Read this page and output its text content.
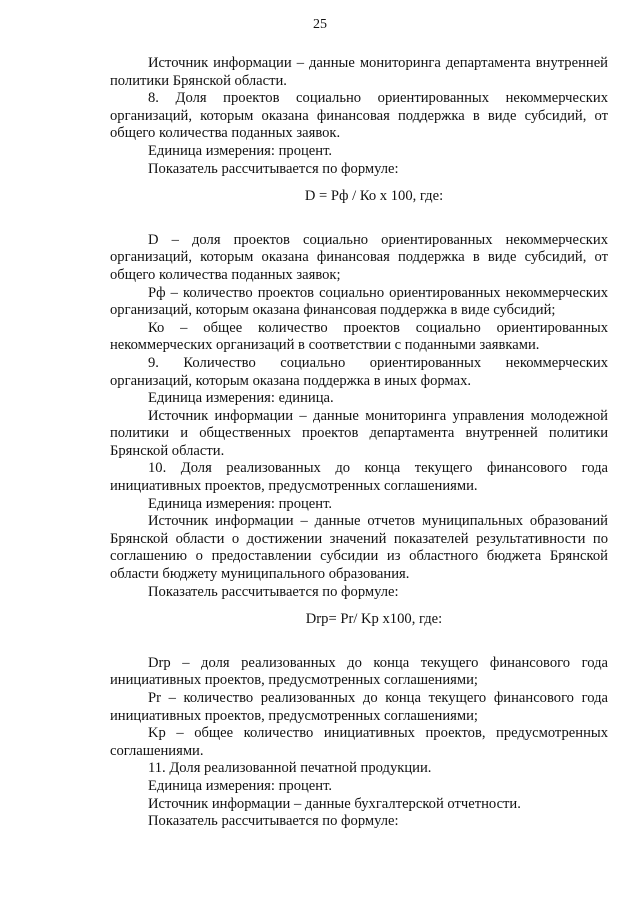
25

Источник информации – данные мониторинга департамента внутренней политики Брянской области.

8. Доля проектов социально ориентированных некоммерческих организаций, которым оказана финансовая поддержка в виде субсидий, от общего количества поданных заявок.

Единица измерения: процент.

Показатель рассчитывается по формуле:

D = Рф / Ко х 100, где:

D – доля проектов социально ориентированных некоммерческих организаций, которым оказана финансовая поддержка в виде субсидий, от общего количества поданных заявок;

Рф – количество проектов социально ориентированных некоммерческих организаций, которым оказана финансовая поддержка в виде субсидий;

Ко – общее количество проектов социально ориентированных некоммерческих организаций в соответствии с поданными заявками.

9. Количество социально ориентированных некоммерческих организаций, которым оказана поддержка в иных формах.

Единица измерения: единица.

Источник информации – данные мониторинга управления молодежной политики и общественных проектов департамента внутренней политики Брянской области.

10. Доля реализованных до конца текущего финансового года инициативных проектов, предусмотренных соглашениями.

Единица измерения: процент.

Источник информации – данные отчетов муниципальных образований Брянской области о достижении значений показателей результативности по соглашению о предоставлении субсидии из областного бюджета Брянской области бюджету муниципального образования.

Показатель рассчитывается по формуле:

Drp= Pr/ Kp x100, где:

Drp – доля реализованных до конца текущего финансового года инициативных проектов, предусмотренных соглашениями;

Pr – количество реализованных до конца текущего финансового года инициативных проектов, предусмотренных соглашениями;

Kp – общее количество инициативных проектов, предусмотренных соглашениями.

11. Доля реализованной печатной продукции.

Единица измерения: процент.

Источник информации – данные бухгалтерской отчетности.

Показатель рассчитывается по формуле:
